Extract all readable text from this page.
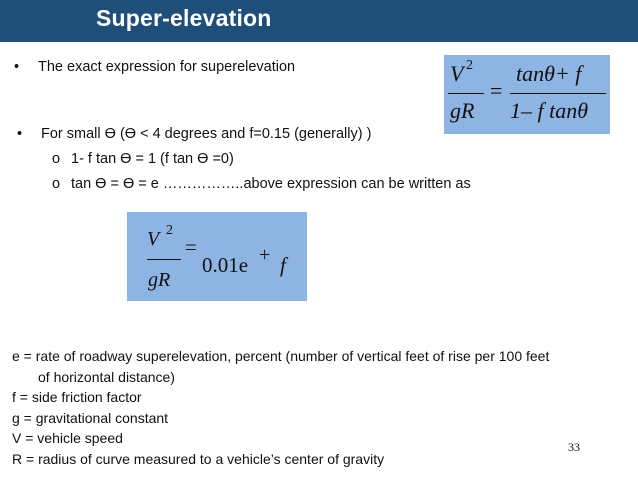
Super-elevation
• The exact expression for superelevation	V 2
gR
=
tanθ+ f
1– f tanθ
• For small Ɵ (Ɵ < 4 degrees and f=0.15 (generally) )
o 1- f tan Ɵ = 1 (f tan Ɵ =0)
o tan Ɵ = Ɵ = e ……………..above expression can be written as
V 2
gR
=
0.01e + f
e = rate of roadway superelevation, percent (number of vertical feet of rise per 100 feet
of horizontal distance)
f = side friction factor
g = gravitational constant
V = vehicle speed
R = radius of curve measured to a vehicle’s center of gravity
33
